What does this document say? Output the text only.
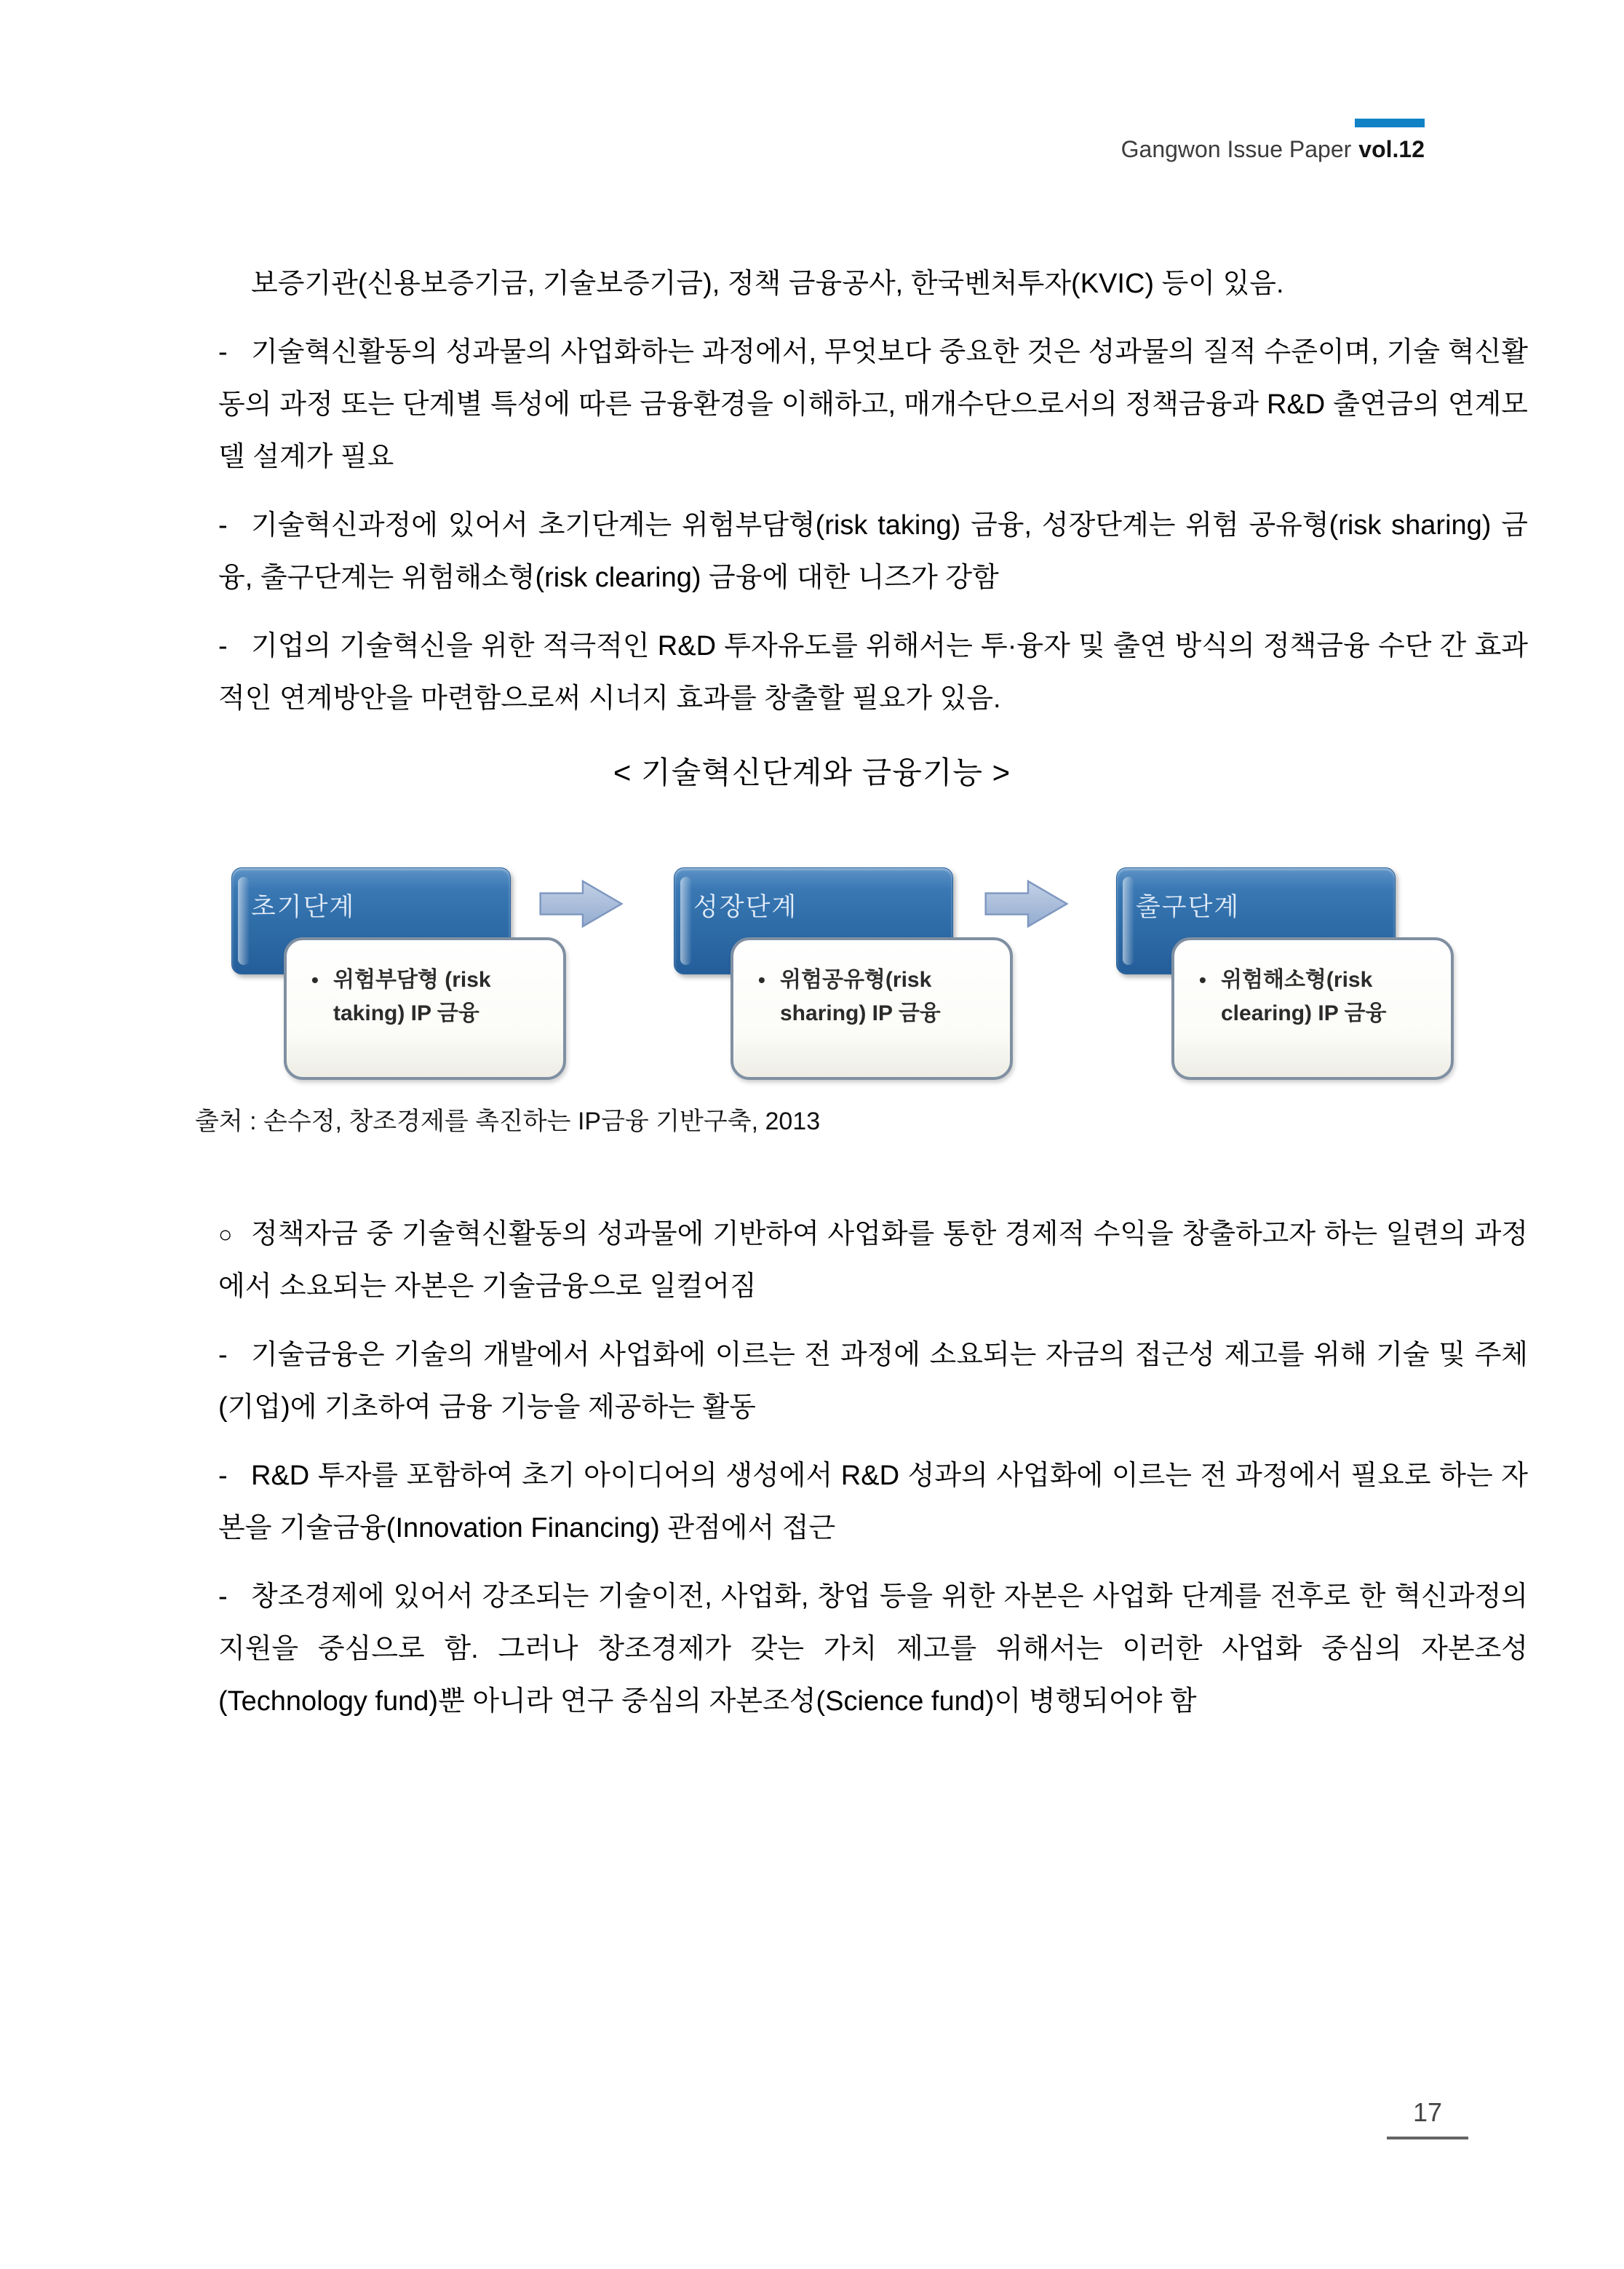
Gangwon Issue Paper vol.12
보증기관(신용보증기금, 기술보증기금), 정책 금융공사, 한국벤처투자(KVIC) 등이 있음.
- 기술혁신활동의 성과물의 사업화하는 과정에서, 무엇보다 중요한 것은 성과물의 질적 수준이며, 기술 혁신활동의 과정 또는 단계별 특성에 따른 금융환경을 이해하고, 매개수단으로서의 정책금융과 R&D 출연금의 연계모델 설계가 필요
- 기술혁신과정에 있어서 초기단계는 위험부담형(risk taking) 금융, 성장단계는 위험 공유형(risk sharing) 금융, 출구단계는 위험해소형(risk clearing) 금융에 대한 니즈가 강함
- 기업의 기술혁신을 위한 적극적인 R&D 투자유도를 위해서는 투·융자 및 출연 방식의 정책금융 수단 간 효과적인 연계방안을 마련함으로써 시너지 효과를 창출할 필요가 있음.
< 기술혁신단계와 금융기능 >
초기단계
• 위험부담형 (risk taking) IP 금융
성장단계
• 위험공유형(risk sharing) IP 금융
출구단계
• 위험해소형(risk clearing) IP 금융
출처 : 손수정, 창조경제를 촉진하는 IP금융 기반구축, 2013
○ 정책자금 중 기술혁신활동의 성과물에 기반하여 사업화를 통한 경제적 수익을 창출하고자 하는 일련의 과정에서 소요되는 자본은 기술금융으로 일컬어짐
- 기술금융은 기술의 개발에서 사업화에 이르는 전 과정에 소요되는 자금의 접근성 제고를 위해 기술 및 주체(기업)에 기초하여 금융 기능을 제공하는 활동
- R&D 투자를 포함하여 초기 아이디어의 생성에서 R&D 성과의 사업화에 이르는 전 과정에서 필요로 하는 자본을 기술금융(Innovation Financing) 관점에서 접근
- 창조경제에 있어서 강조되는 기술이전, 사업화, 창업 등을 위한 자본은 사업화 단계를 전후로 한 혁신과정의 지원을 중심으로 함. 그러나 창조경제가 갖는 가치 제고를 위해서는 이러한 사업화 중심의 자본조성 (Technology fund)뿐 아니라 연구 중심의 자본조성(Science fund)이 병행되어야 함
17
